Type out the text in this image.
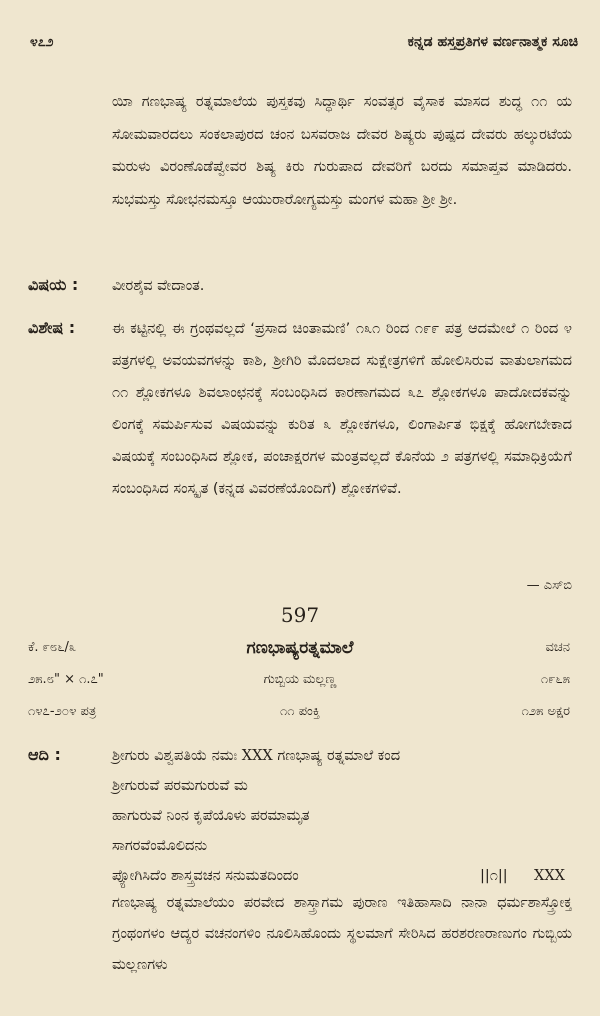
೪೭೨	ಕನ್ನಡ ಹಸ್ತಪ್ರತಿಗಳ ವರ್ಣನಾತ್ಮಕ ಸೂಚಿ
ಯಿಾ ಗಣಭಾಷ್ಯ ರತ್ನಮಾಲೆಯ ಪುಸ್ತಕವು ಸಿದ್ಧಾರ್ಥಿ ಸಂವತ್ಸರ ವೈಸಾಕ ಮಾಸದ ಶುದ್ಧ ೧೧ ಯ ಸೋಮವಾರದಲು ಸಂಕಲಾಪುರದ ಚಂನ ಬಸವರಾಜ ದೇವರ ಶಿಷ್ಯರು ಪುಷ್ಪದ ದೇವರು ಹಲ್ಕುರಟೆಯ ಮರುಳು ವಿರಂಣೊಡೆಪ್ವೇವರ ಶಿಷ್ಯ ಕಿರು ಗುರುಪಾದ ದೇವರಿಗೆ ಬರದು ಸಮಾಪ್ತವ ಮಾಡಿದರು. ಸುಭಮಸ್ತು ಸೋಭನಮಸ್ತೂ ಆಯುರಾರೋಗ್ಯಮಸ್ತು ಮಂಗಳ ಮಹಾ ಶ್ರೀ ಶ್ರೀ.
ವಿಷಯ : ವೀರಶೈವ ವೇದಾಂತ.
ವಿಶೇಷ :	ಈ ಕಟ್ಟಿನಲ್ಲಿ ಈ ಗ್ರಂಥವಲ್ಲದೆ ‘ಪ್ರಸಾದ ಚಿಂತಾಮಣಿ’ ೧೩೧ ರಿಂದ ೧೯೯ ಪತ್ರ ಆದಮೇಲೆ ೧ ರಿಂದ ೪ ಪತ್ರಗಳಲ್ಲಿ ಅವಯವಗಳನ್ನು ಕಾಶಿ, ಶ್ರೀಗಿರಿ ಮೊದಲಾದ ಸುಕ್ಷೇತ್ರಗಳಿಗೆ ಹೋಲಿಸಿರುವ ವಾತುಲಾಗಮದ ೧೧ ಶ್ಲೋಕಗಳೂ ಶಿವಲಾಂಛನಕ್ಕೆ ಸಂಬಂಧಿಸಿದ ಕಾರಣಾಗಮದ ೩೭ ಶ್ಲೋಕಗಳೂ ಪಾದೋದಕವನ್ನು ಲಿಂಗಕ್ಕೆ ಸಮರ್ಪಿಸುವ ವಿಷಯವನ್ನು ಕುರಿತ ೩ ಶ್ಲೋಕಗಳೂ, ಲಿಂಗಾರ್ಪಿತ ಭಿಕ್ಷಕ್ಕೆ ಹೋಗಬೇಕಾದ ವಿಷಯಕ್ಕೆ ಸಂಬಂಧಿಸಿದ ಶ್ಲೋಕ, ಪಂಚಾಕ್ಷರಗಳ ಮಂತ್ರವಲ್ಲದೆ ಕೊನೆಯ ೨ ಪತ್ರಗಳಲ್ಲಿ ಸಮಾಧಿಕ್ರಿಯೆಗೆ ಸಂಬಂಧಿಸಿದ ಸಂಸ್ಕೃತ (ಕನ್ನಡ ವಿವರಣೆಯೊಂದಿಗೆ) ಶ್ಲೋಕಗಳಿವೆ.
— ಎಸ್‌ಬಿ
597
ಕೆ. ೯೮೬/೩	ಗಣಭಾಷ್ಯರತ್ನಮಾಲೆ	ವಚನ
೨೫.೮" × ೧.೭"	ಗುಬ್ಬಿಯ ಮಲ್ಲಣ್ಣ	೧೯೬೫
೧೪೭-೨೦೪ ಪತ್ರ	೧೧ ಪಂಕ್ತಿ	೧೨೫ ಅಕ್ಷರ
ಆದಿ :	ಶ್ರೀಗುರು ವಿಶ್ವಪತಿಯೆ ನಮಃ XXX ಗಣಭಾಷ್ಯ ರತ್ನಮಾಲೆ ಕಂದ
ಶ್ರೀಗುರುವೆ ಪರಮಗುರುವೆ ಮ
ಹಾಗುರುವೆ ನಿಂನ ಕೃಪೆಯೊಳು ಪರಮಾಮೃತ
ಸಾಗರವೆಂಮೊಲಿದನು
ಪ್ಯೋಗಿಸಿದೆಂ ಶಾಸ್ತ್ರವಚನ ಸನುಮತದಿಂದಂ	||೧|| XXX
ಗಣಭಾಷ್ಯ ರತ್ನಮಾಲೆಯಂ ಪರವೇದ ಶಾಸ್ತ್ರಾಗಮ ಪುರಾಣ ಇತಿಹಾಸಾದಿ ನಾನಾ ಧರ್ಮಶಾಸ್ತ್ರೋಕ್ತ ಗ್ರಂಥಂಗಳಂ ಆದ್ಯರ ವಚನಂಗಳಿಂ ನೂಲಿಸಿಹೊಂದು ಸ್ಥಲಮಾಗೆ ಸೇರಿಸಿದ ಹರಶರಣರಾಣುಗಂ ಗುಬ್ಬಿಯ ಮಲ್ಲಣಗಳು
